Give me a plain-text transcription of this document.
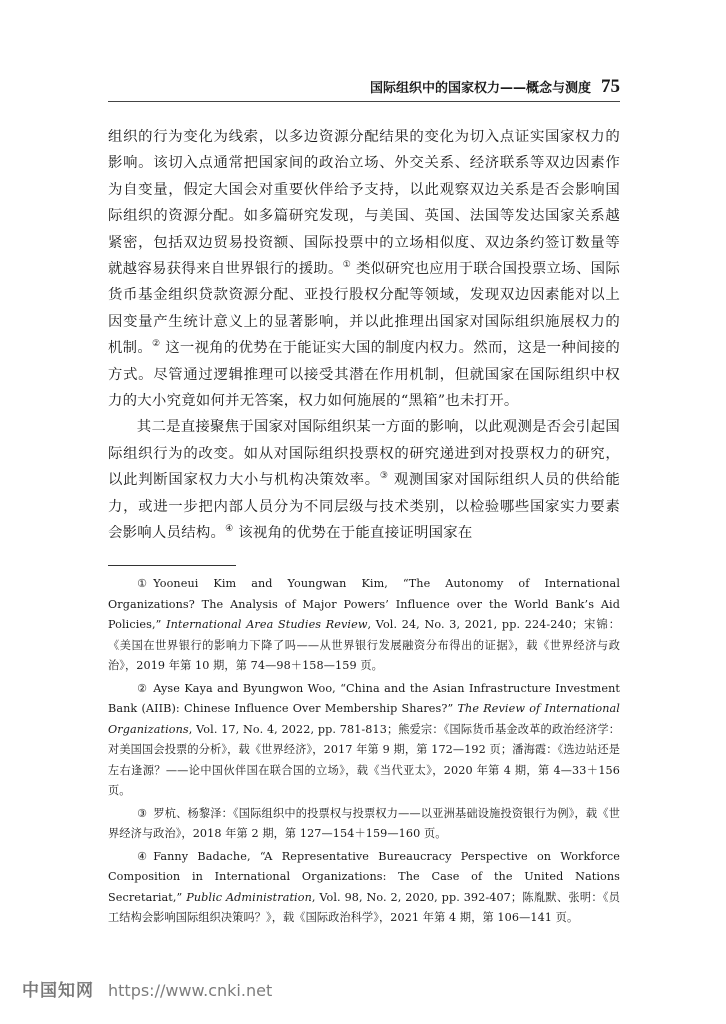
国际组织中的国家权力——概念与测度 75

组织的行为变化为线索，以多边资源分配结果的变化为切入点证实国家权力的影响。该切入点通常把国家间的政治立场、外交关系、经济联系等双边因素作为自变量，假定大国会对重要伙伴给予支持，以此观察双边关系是否会影响国际组织的资源分配。如多篇研究发现，与美国、英国、法国等发达国家关系越紧密，包括双边贸易投资额、国际投票中的立场相似度、双边条约签订数量等就越容易获得来自世界银行的援助。① 类似研究也应用于联合国投票立场、国际货币基金组织贷款资源分配、亚投行股权分配等领域，发现双边因素能对以上因变量产生统计意义上的显著影响，并以此推理出国家对国际组织施展权力的机制。② 这一视角的优势在于能证实大国的制度内权力。然而，这是一种间接的方式。尽管通过逻辑推理可以接受其潜在作用机制，但就国家在国际组织中权力的大小究竟如何并无答案，权力如何施展的“黑箱”也未打开。

其二是直接聚焦于国家对国际组织某一方面的影响，以此观测是否会引起国际组织行为的改变。如从对国际组织投票权的研究递进到对投票权力的研究，以此判断国家权力大小与机构决策效率。③ 观测国家对国际组织人员的供给能力，或进一步把内部人员分为不同层级与技术类别，以检验哪些国家实力要素会影响人员结构。④ 该视角的优势在于能直接证明国家在

① Yooneui Kim and Youngwan Kim, “The Autonomy of International Organizations? The Analysis of Major Powers’ Influence over the World Bank’s Aid Policies,” International Area Studies Review, Vol. 24, No. 3, 2021, pp. 224-240；宋锦：《美国在世界银行的影响力下降了吗——从世界银行发展融资分布得出的证据》，载《世界经济与政治》，2019 年第 10 期，第 74—98＋158—159 页。

② Ayse Kaya and Byungwon Woo, “China and the Asian Infrastructure Investment Bank (AIIB): Chinese Influence Over Membership Shares?” The Review of International Organizations, Vol. 17, No. 4, 2022, pp. 781-813；熊爱宗：《国际货币基金改革的政治经济学：对美国国会投票的分析》，载《世界经济》，2017 年第 9 期，第 172—192 页；潘海霞：《选边站还是左右逢源？——论中国伙伴国在联合国的立场》，载《当代亚太》，2020 年第 4 期，第 4—33＋156 页。

③ 罗杭、杨黎泽：《国际组织中的投票权与投票权力——以亚洲基础设施投资银行为例》，载《世界经济与政治》，2018 年第 2 期，第 127—154＋159—160 页。

④ Fanny Badache, “A Representative Bureaucracy Perspective on Workforce Composition in International Organizations: The Case of the United Nations Secretariat,” Public Administration, Vol. 98, No. 2, 2020, pp. 392-407；陈胤默、张明：《员工结构会影响国际组织决策吗？》，载《国际政治科学》，2021 年第 4 期，第 106—141 页。

中国知网 https://www.cnki.net
